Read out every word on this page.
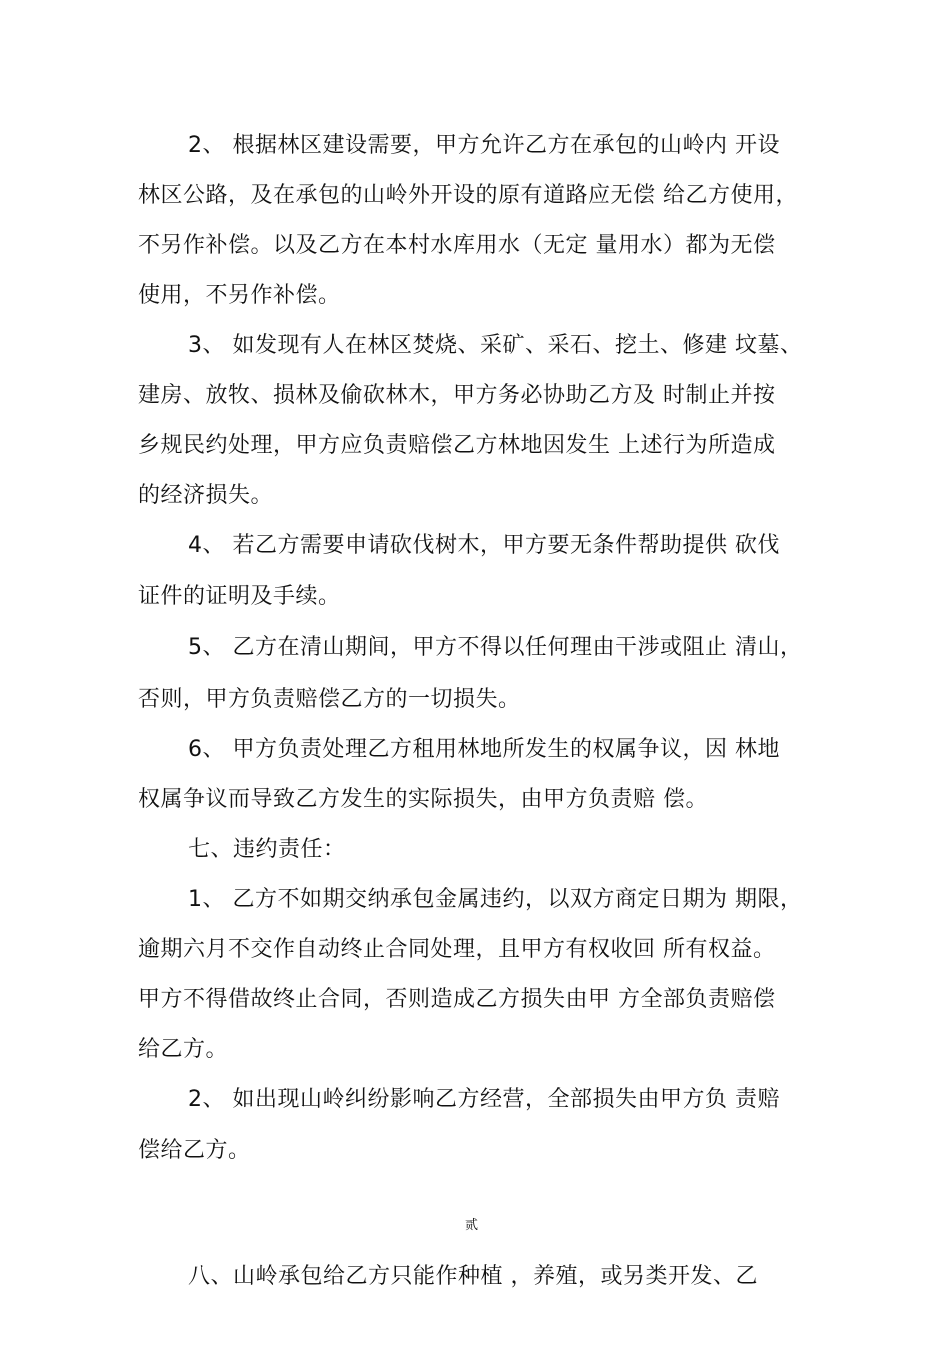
2、 根据林区建设需要，甲方允许乙方在承包的山岭内 开设
林区公路，及在承包的山岭外开设的原有道路应无偿 给乙方使用，
不另作补偿。以及乙方在本村水库用水（无定 量用水）都为无偿
使用，不另作补偿。
3、 如发现有人在林区焚烧、采矿、采石、挖土、修建 坟墓、
建房、放牧、损林及偷砍林木，甲方务必协助乙方及 时制止并按
乡规民约处理，甲方应负责赔偿乙方林地因发生 上述行为所造成
的经济损失。
4、 若乙方需要申请砍伐树木，甲方要无条件帮助提供 砍伐
证件的证明及手续。
5、 乙方在清山期间，甲方不得以任何理由干涉或阻止 清山，
否则，甲方负责赔偿乙方的一切损失。
6、 甲方负责处理乙方租用林地所发生的权属争议，因 林地
权属争议而导致乙方发生的实际损失，由甲方负责赔 偿。
七、违约责任：
1、 乙方不如期交纳承包金属违约，以双方商定日期为 期限，
逾期六月不交作自动终止合同处理，且甲方有权收回 所有权益。
甲方不得借故终止合同，否则造成乙方损失由甲 方全部负责赔偿
给乙方。
2、 如出现山岭纠纷影响乙方经营，全部损失由甲方负 责赔
偿给乙方。
贰
八、山岭承包给乙方只能作种植 ，养殖，或另类开发、乙
